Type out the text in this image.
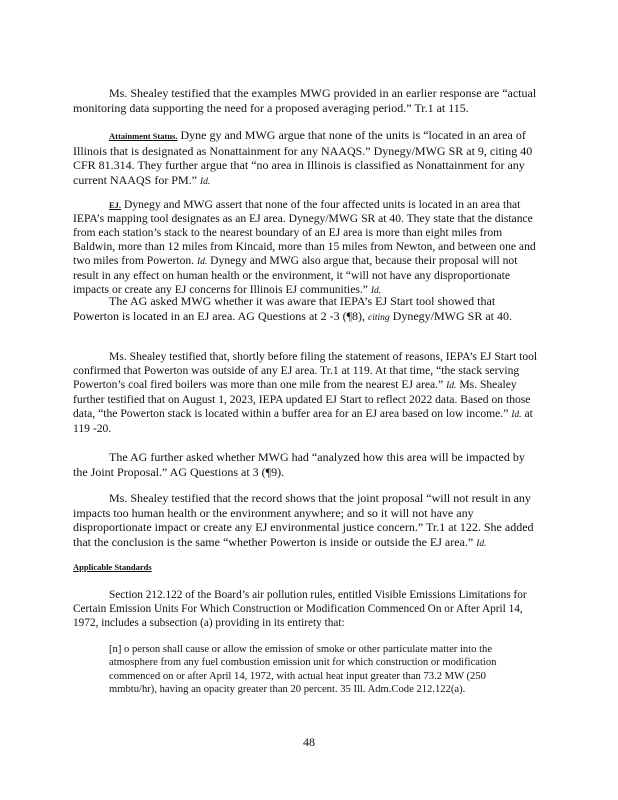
Ms. Shealey testified that the examples MWG provided in an earlier response are “actual monitoring data supporting the need for a proposed averaging period.” Tr.1 at 115.

Attainment Status. Dyne gy and MWG argue that none of the units is “located in an area of Illinois that is designated as Nonattainment for any NAAQS.” Dynegy/MWG SR at 9, citing 40 CFR 81.314. They further argue that “no area in Illinois is classified as Nonattainment for any current NAAQS for PM.” Id.

EJ. Dynegy and MWG assert that none of the four affected units is located in an area that IEPA’s mapping tool designates as an EJ area. Dynegy/MWG SR at 40. They state that the distance from each station’s stack to the nearest boundary of an EJ area is more than eight miles from Baldwin, more than 12 miles from Kincaid, more than 15 miles from Newton, and between one and two miles from Powerton. Id. Dynegy and MWG also argue that, because their proposal will not result in any effect on human health or the environment, it “will not have any disproportionate impacts or create any EJ concerns for Illinois EJ communities.” Id.

The AG asked MWG whether it was aware that IEPA’s EJ Start tool showed that Powerton is located in an EJ area. AG Questions at 2 -3 (¶8), citing Dynegy/MWG SR at 40.

Ms. Shealey testified that, shortly before filing the statement of reasons, IEPA’s EJ Start tool confirmed that Powerton was outside of any EJ area. Tr.1 at 119. At that time, “the stack serving Powerton’s coal fired boilers was more than one mile from the nearest EJ area.” Id. Ms. Shealey further testified that on August 1, 2023, IEPA updated EJ Start to reflect 2022 data. Based on those data, “the Powerton stack is located within a buffer area for an EJ area based on low income.” Id. at 119 -20.

The AG further asked whether MWG had “analyzed how this area will be impacted by the Joint Proposal.” AG Questions at 3 (¶9).

Ms. Shealey testified that the record shows that the joint proposal “will not result in any impacts too human health or the environment anywhere; and so it will not have any disproportionate impact or create any EJ environmental justice concern.” Tr.1 at 122. She added that the conclusion is the same “whether Powerton is inside or outside the EJ area.” Id.

Applicable Standards

Section 212.122 of the Board’s air pollution rules, entitled Visible Emissions Limitations for Certain Emission Units For Which Construction or Modification Commenced On or After April 14, 1972, includes a subsection (a) providing in its entirety that:

[n] o person shall cause or allow the emission of smoke or other particulate matter into the atmosphere from any fuel combustion emission unit for which construction or modification commenced on or after April 14, 1972, with actual heat input greater than 73.2 MW (250 mmbtu/hr), having an opacity greater than 20 percent. 35 Ill. Adm.Code 212.122(a).

48
